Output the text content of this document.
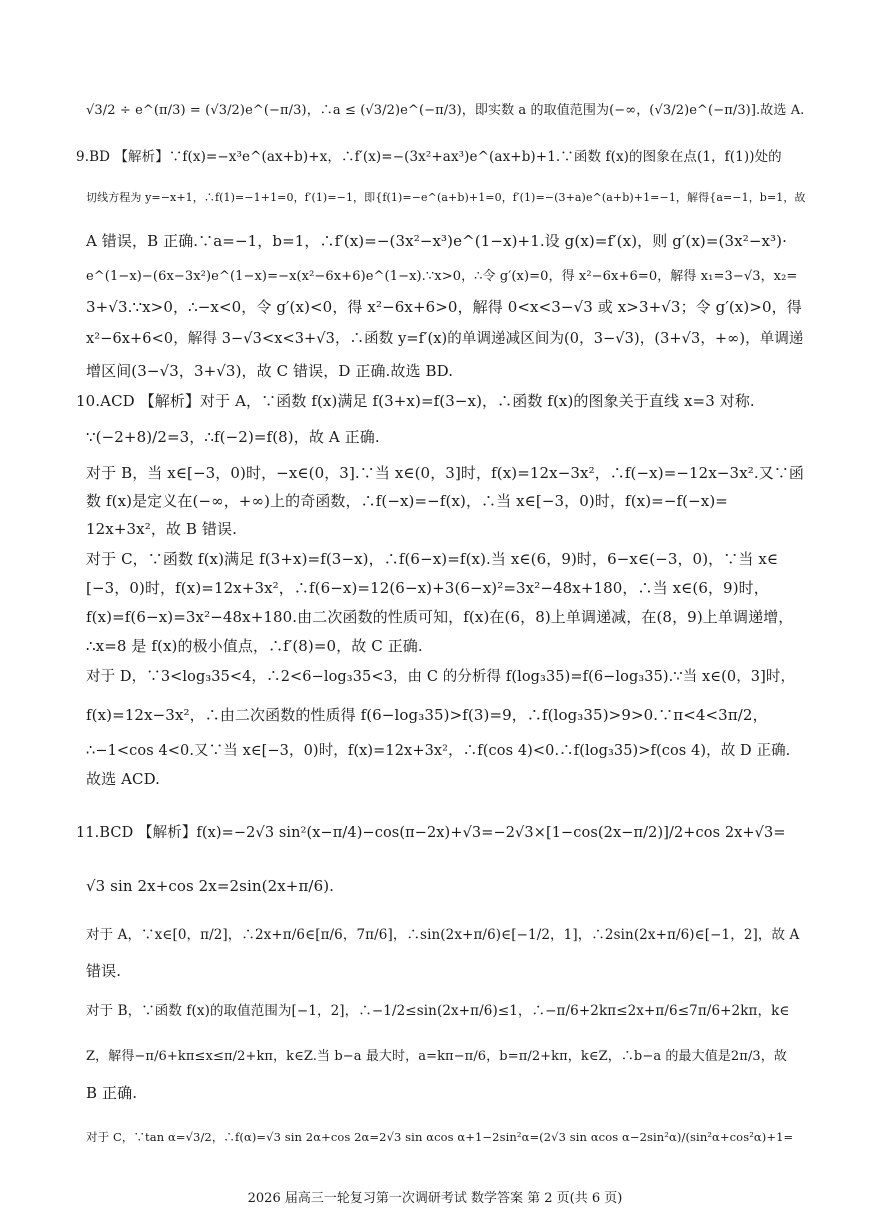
√3/2 ÷ e^(π/3) = (√3/2)e^(−π/3)，∴a ≤ (√3/2)e^(−π/3)，即实数 a 的取值范围为(−∞，(√3/2)e^(−π/3)].故选 A.
9.BD 【解析】∵f(x)=−x³e^(ax+b)+x，∴f′(x)=−(3x²+ax³)e^(ax+b)+1.∵函数 f(x)的图象在点(1，f(1))处的
切线方程为 y=−x+1，∴f(1)=−1+1=0，f′(1)=−1，即{f(1)=−e^(a+b)+1=0，f′(1)=−(3+a)e^(a+b)+1=−1，解得{a=−1，b=1，故
A 错误，B 正确.∵a=−1，b=1，∴f′(x)=−(3x²−x³)e^(1−x)+1.设 g(x)=f′(x)，则 g′(x)=(3x²−x³)·
e^(1−x)−(6x−3x²)e^(1−x)=−x(x²−6x+6)e^(1−x).∵x>0，∴令 g′(x)=0，得 x²−6x+6=0，解得 x₁=3−√3，x₂=
3+√3.∵x>0，∴−x<0，令 g′(x)<0，得 x²−6x+6>0，解得 0<x<3−√3 或 x>3+√3；令 g′(x)>0，得
x²−6x+6<0，解得 3−√3<x<3+√3，∴函数 y=f′(x)的单调递减区间为(0，3−√3)，(3+√3，+∞)，单调递
增区间(3−√3，3+√3)，故 C 错误，D 正确.故选 BD.
10.ACD 【解析】对于 A，∵函数 f(x)满足 f(3+x)=f(3−x)，∴函数 f(x)的图象关于直线 x=3 对称.
∵(−2+8)/2=3，∴f(−2)=f(8)，故 A 正确.
对于 B，当 x∈[−3，0)时，−x∈(0，3].∵当 x∈(0，3]时，f(x)=12x−3x²，∴f(−x)=−12x−3x².又∵函
数 f(x)是定义在(−∞，+∞)上的奇函数，∴f(−x)=−f(x)，∴当 x∈[−3，0)时，f(x)=−f(−x)=
12x+3x²，故 B 错误.
对于 C，∵函数 f(x)满足 f(3+x)=f(3−x)，∴f(6−x)=f(x).当 x∈(6，9)时，6−x∈(−3，0)，∵当 x∈
[−3，0)时，f(x)=12x+3x²，∴f(6−x)=12(6−x)+3(6−x)²=3x²−48x+180，∴当 x∈(6，9)时，
f(x)=f(6−x)=3x²−48x+180.由二次函数的性质可知，f(x)在(6，8)上单调递减，在(8，9)上单调递增，
∴x=8 是 f(x)的极小值点，∴f′(8)=0，故 C 正确.
对于 D，∵3<log₃35<4，∴2<6−log₃35<3，由 C 的分析得 f(log₃35)=f(6−log₃35).∵当 x∈(0，3]时，
f(x)=12x−3x²，∴由二次函数的性质得 f(6−log₃35)>f(3)=9，∴f(log₃35)>9>0.∵π<4<3π/2，
∴−1<cos 4<0.又∵当 x∈[−3，0)时，f(x)=12x+3x²，∴f(cos 4)<0.∴f(log₃35)>f(cos 4)，故 D 正确.
故选 ACD.
11.BCD 【解析】f(x)=−2√3 sin²(x−π/4)−cos(π−2x)+√3=−2√3×[1−cos(2x−π/2)]/2+cos 2x+√3=
√3 sin 2x+cos 2x=2sin(2x+π/6).
对于 A，∵x∈[0，π/2]，∴2x+π/6∈[π/6，7π/6]，∴sin(2x+π/6)∈[−1/2，1]，∴2sin(2x+π/6)∈[−1，2]，故 A
错误.
对于 B，∵函数 f(x)的取值范围为[−1，2]，∴−1/2≤sin(2x+π/6)≤1，∴−π/6+2kπ≤2x+π/6≤7π/6+2kπ，k∈
Z，解得−π/6+kπ≤x≤π/2+kπ，k∈Z.当 b−a 最大时，a=kπ−π/6，b=π/2+kπ，k∈Z，∴b−a 的最大值是2π/3，故
B 正确.
对于 C，∵tan α=√3/2，∴f(α)=√3 sin 2α+cos 2α=2√3 sin αcos α+1−2sin²α=(2√3 sin αcos α−2sin²α)/(sin²α+cos²α)+1=
2026 届高三一轮复习第一次调研考试 数学答案 第 2 页(共 6 页)
